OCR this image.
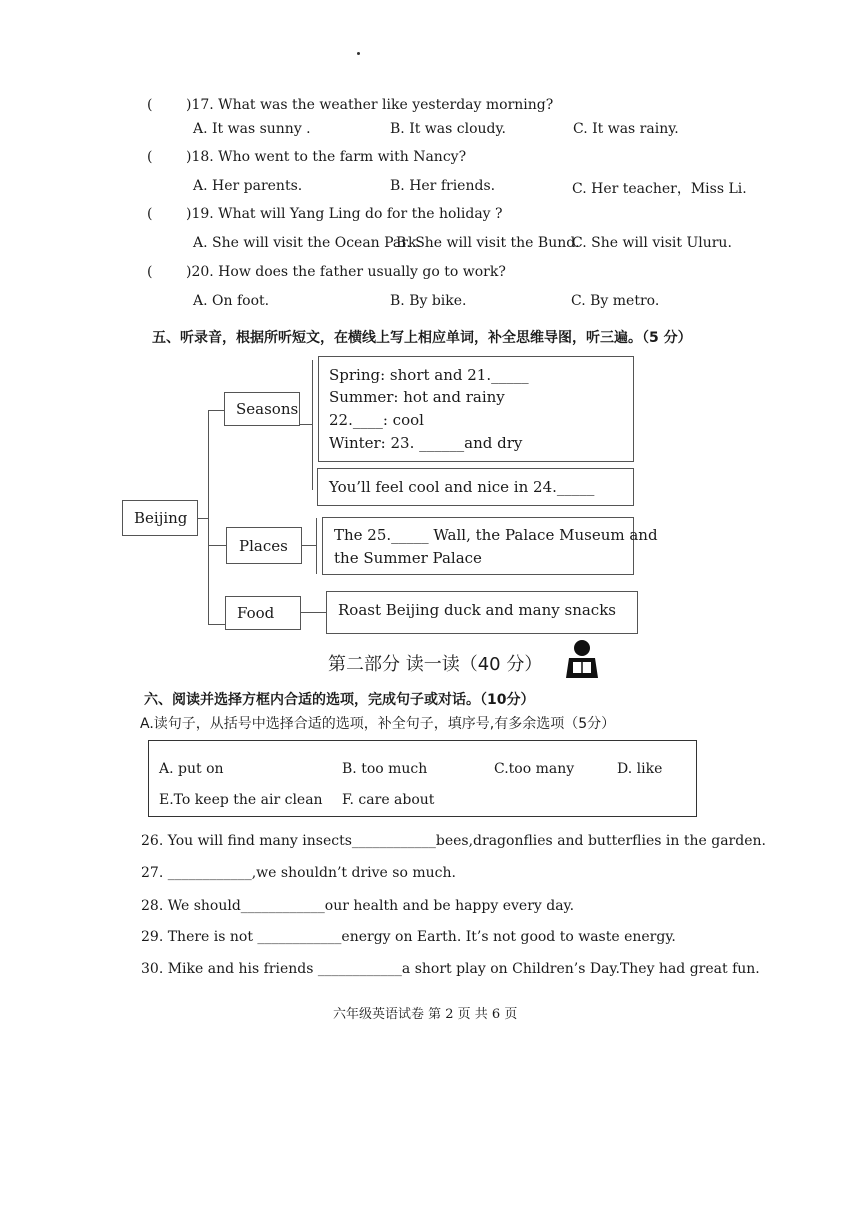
( )17. What was the weather like yesterday morning?
A. It was sunny .	B. It was cloudy.	C. It was rainy.
( )18. Who went to the farm with Nancy?
A. Her parents.	B. Her friends.	C. Her teacher，Miss Li.
( )19. What will Yang Ling do for the holiday ?
A. She will visit the Ocean Park.
B. She will visit the Bund.
C. She will visit Uluru.
( )20. How does the father usually go to work?
A. On foot.	B. By bike.	C. By metro.
五、听录音，根据所听短文，在横线上写上相应单词，补全思维导图，听三遍。（5 分）
Beijing
Seasons
Places
Food
Spring: short and 21._____
Summer: hot and rainy
22.____: cool
Winter: 23. ______and dry
You’ll feel cool and nice in 24._____
The 25._____ Wall, the Palace Museum and
the Summer Palace
Roast Beijing duck and many snacks
第二部分 读一读（40 分）
六、阅读并选择方框内合适的选项，完成句子或对话。（10分）
A.读句子，从括号中选择合适的选项，补全句子，填序号,有多余选项（5分）
A. put on	B. too much	C.too many	D. like
E.To keep the air clean F. care about
26. You will find many insects____________bees,dragonflies and butterflies in the garden.
27. ____________,we shouldn’t drive so much.
28. We should____________our health and be happy every day.
29. There is not ____________energy on Earth. It’s not good to waste energy.
30. Mike and his friends ____________a short play on Children’s Day.They had great fun.
六年级英语试卷 第 2 页 共 6 页
